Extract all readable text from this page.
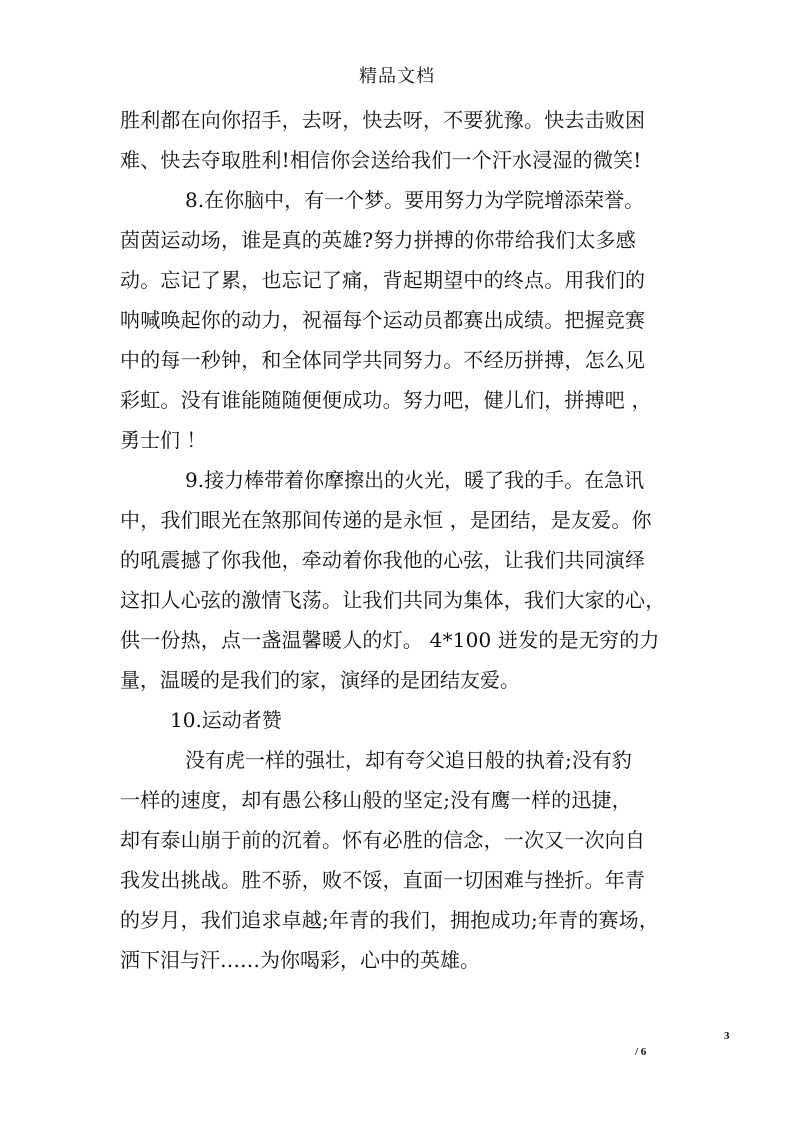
精品文档
胜利都在向你招手，去呀，快去呀，不要犹豫。快去击败困
难、快去夺取胜利!相信你会送给我们一个汗水浸湿的微笑!
8.在你脑中，有一个梦。要用努力为学院增添荣誉。
茵茵运动场，谁是真的英雄?努力拼搏的你带给我们太多感
动。忘记了累，也忘记了痛，背起期望中的终点。用我们的
呐喊唤起你的动力，祝福每个运动员都赛出成绩。把握竞赛
中的每一秒钟，和全体同学共同努力。不经历拼搏，怎么见
彩虹。没有谁能随随便便成功。努力吧，健儿们，拼搏吧 ，
勇士们 ！
9.接力棒带着你摩擦出的火光，暖了我的手。在急讯
中，我们眼光在煞那间传递的是永恒 ，是团结，是友爱。你
的吼震撼了你我他，牵动着你我他的心弦，让我们共同演绎
这扣人心弦的激情飞荡。让我们共同为集体，我们大家的心，
供一份热，点一盏温馨暖人的灯。 4*100 迸发的是无穷的力
量，温暖的是我们的家，演绎的是团结友爱。
10.运动者赞
没有虎一样的强壮，却有夸父追日般的执着;没有豹
一样的速度，却有愚公移山般的坚定;没有鹰一样的迅捷，
却有泰山崩于前的沉着。怀有必胜的信念，一次又一次向自
我发出挑战。胜不骄，败不馁，直面一切困难与挫折。年青
的岁月，我们追求卓越;年青的我们，拥抱成功;年青的赛场，
洒下泪与汗……为你喝彩，心中的英雄。
3
/ 6
